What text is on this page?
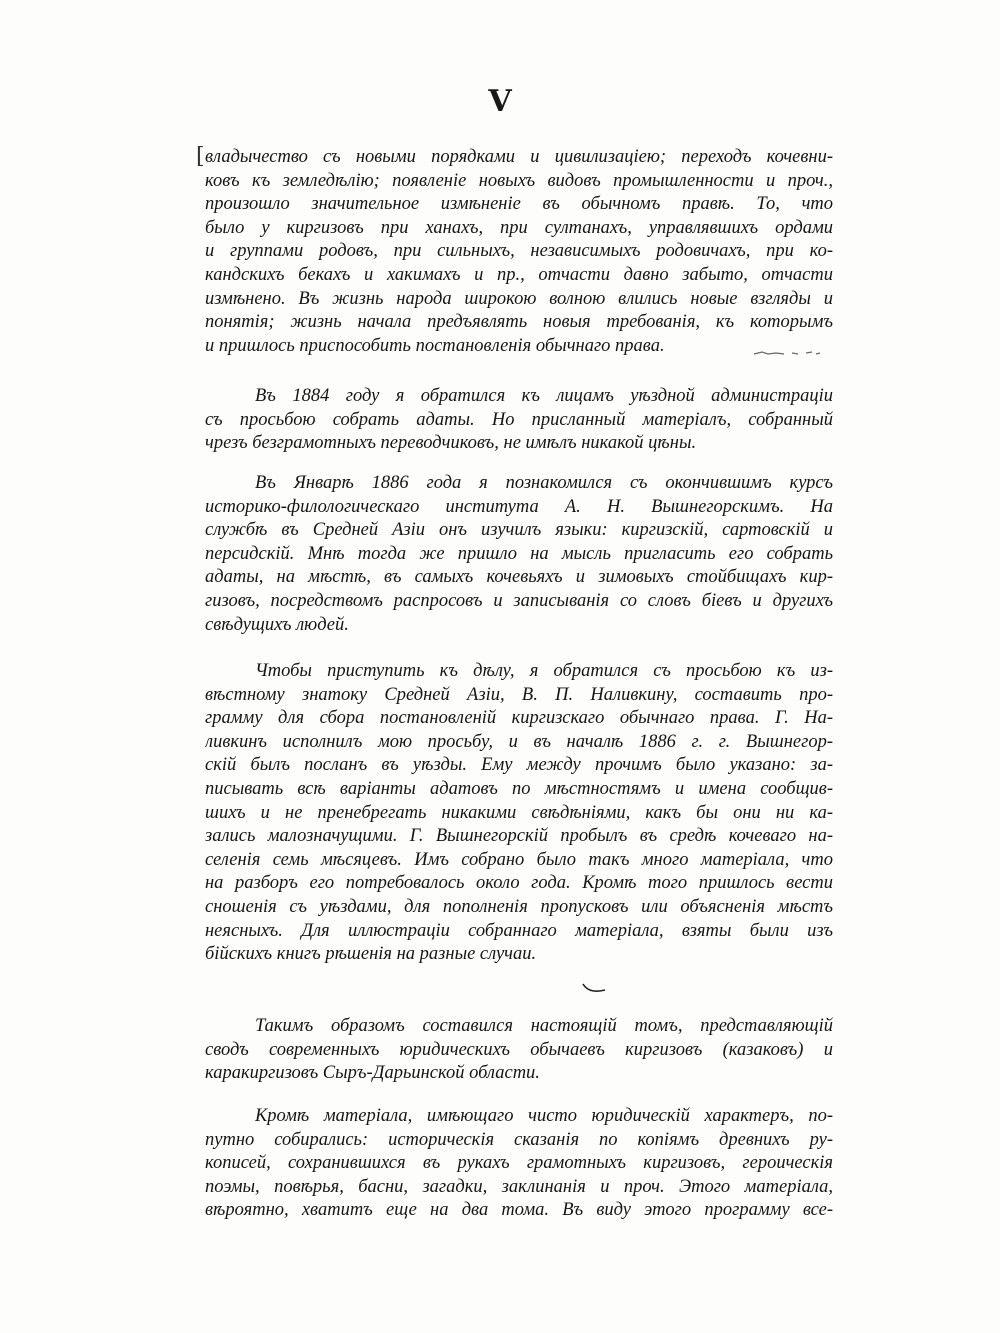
V
[ владычество съ новыми порядками и цивилизацiею; переходъ кочевни-
ковъ къ земледѣлiю; появленiе новыхъ видовъ промышленности и проч.,
произошло значительное измѣненiе въ обычномъ правѣ. То, что
было у киргизовъ при ханахъ, при султанахъ, управлявшихъ ордами
и группами родовъ, при сильныхъ, независимыхъ родовичахъ, при ко-
кандскихъ бекахъ и хакимахъ и пр., отчасти давно забыто, отчасти
измѣнено. Въ жизнь народа широкою волною влились новые взгляды и
понятiя; жизнь начала предъявлять новыя требованiя, къ которымъ
и пришлось приспособить постановленiя обычнаго права.
Въ 1884 году я обратился къ лицамъ уѣздной администрацiи
съ просьбою собрать адаты. Но присланный матерiалъ, собранный
чрезъ безграмотныхъ переводчиковъ, не имѣлъ никакой цѣны.
Въ Январѣ 1886 года я познакомился съ окончившимъ курсъ
историко-филологическаго института А. Н. Вышнегорскимъ. На
службѣ въ Средней Азiи онъ изучилъ языки: киргизскiй, сартовскiй и
персидскiй. Мнѣ тогда же пришло на мысль пригласить его собрать
адаты, на мѣстѣ, въ самыхъ кочевьяхъ и зимовыхъ стойбищахъ кир-
гизовъ, посредствомъ распросовъ и записыванiя со словъ бiевъ и другихъ
свѣдущихъ людей.
Чтобы приступить къ дѣлу, я обратился съ просьбою къ из-
вѣстному знатоку Средней Азiи, В. П. Наливкину, составить про-
грамму для сбора постановленiй киргизскаго обычнаго права. Г. На-
ливкинъ исполнилъ мою просьбу, и въ началѣ 1886 г. г. Вышнегор-
скiй былъ посланъ въ уѣзды. Ему между прочимъ было указано: за-
писывать всѣ варiанты адатовъ по мѣстностямъ и имена сообщив-
шихъ и не пренебрегать никакими свѣдѣнiями, какъ бы они ни ка-
зались малозначущими. Г. Вышнегорскiй пробылъ въ средѣ кочеваго на-
селенiя семь мѣсяцевъ. Имъ собрано было такъ много матерiала, что
на разборъ его потребовалось около года. Кромѣ того пришлось вести
сношенiя съ уѣздами, для пополненiя пропусковъ или объясненiя мѣстъ
неясныхъ. Для иллюстрацiи собраннаго матерiала, взяты были изъ
бiйскихъ книгъ рѣшенiя на разные случаи.
Такимъ образомъ составился настоящiй томъ, представляющiй
сводъ современныхъ юридическихъ обычаевъ киргизовъ (казаковъ) и
каракиргизовъ Сыръ-Дарьинской области.
Кромѣ матерiала, имѣющаго чисто юридическiй характеръ, по-
путно собирались: историческiя сказанiя по копiямъ древнихъ ру-
кописей, сохранившихся въ рукахъ грамотныхъ киргизовъ, героическiя
поэмы, повѣрья, басни, загадки, заклинанiя и проч. Этого матерiала,
вѣроятно, хватитъ еще на два тома. Въ виду этого программу все-
